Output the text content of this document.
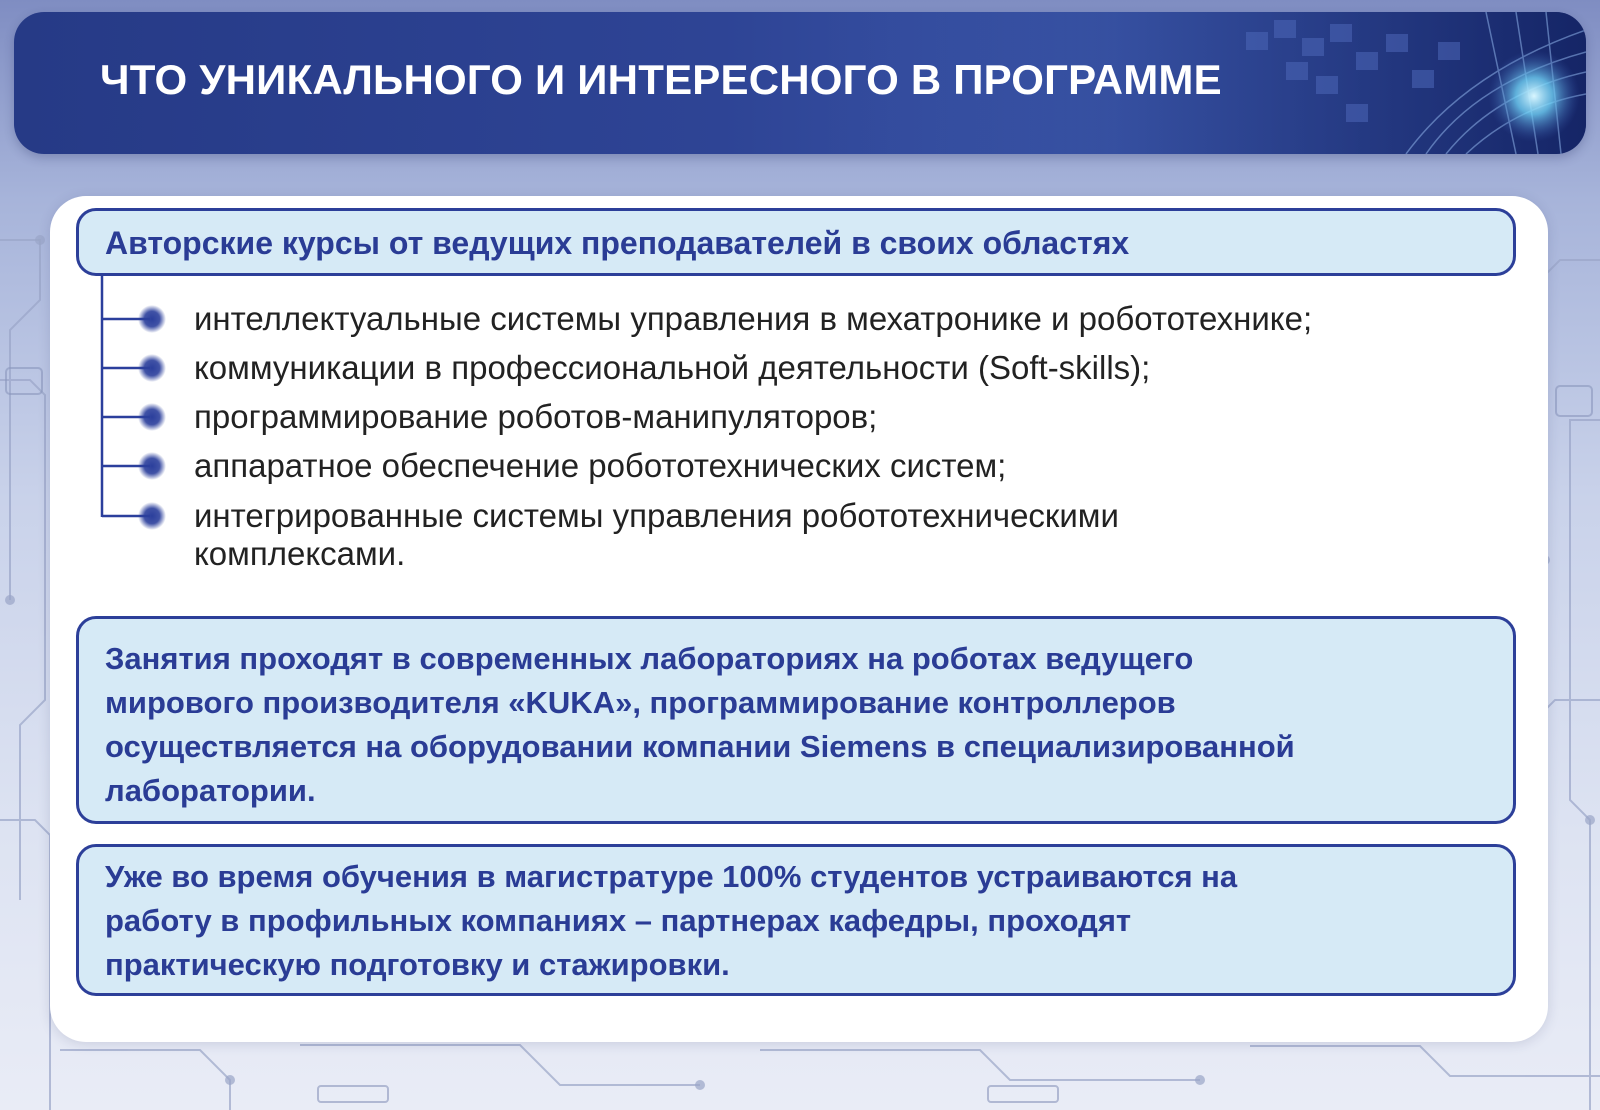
ЧТО УНИКАЛЬНОГО И ИНТЕРЕСНОГО В ПРОГРАММЕ
Авторские курсы от ведущих преподавателей в своих областях
интеллектуальные системы управления в мехатронике и робототехнике;
коммуникации в профессиональной деятельности (Soft-skills);
программирование роботов-манипуляторов;
аппаратное обеспечение робототехнических систем;
интегрированные системы управления робототехническими
комплексами.
Занятия проходят в современных лабораториях на роботах ведущего
мирового производителя «KUKA», программирование контроллеров
осуществляется на оборудовании компании Siemens в специализированной
лаборатории.
Уже во время обучения в магистратуре 100% студентов устраиваются на
работу в профильных компаниях – партнерах кафедры, проходят
практическую подготовку и стажировки.
